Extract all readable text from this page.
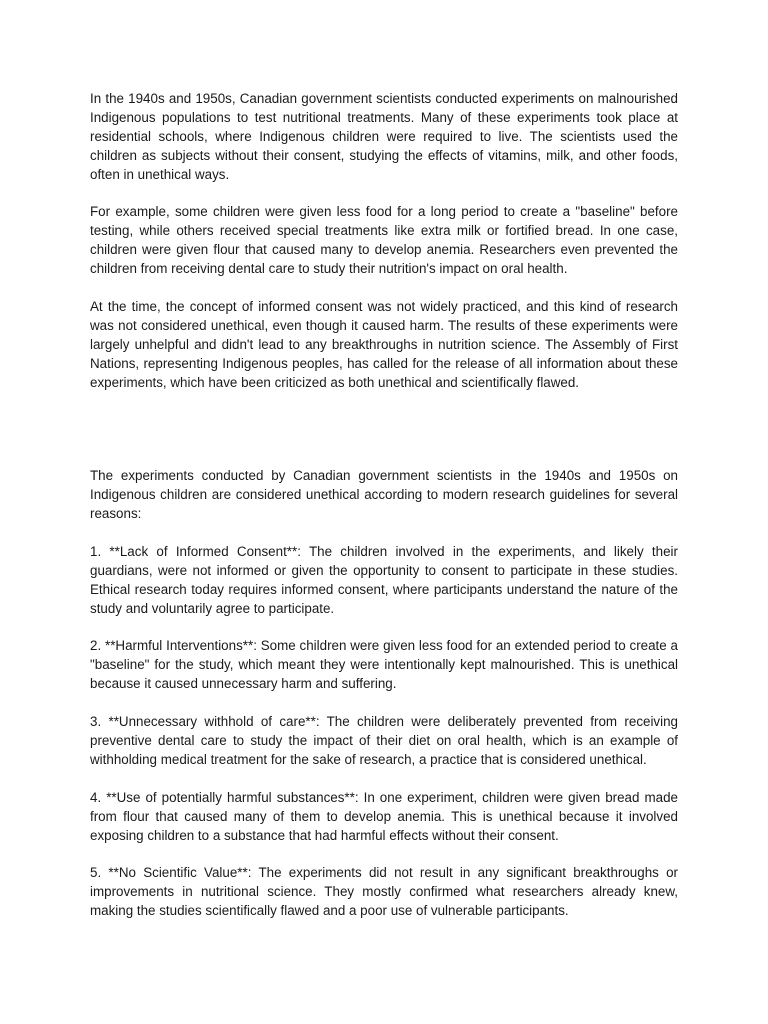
In the 1940s and 1950s, Canadian government scientists conducted experiments on malnourished Indigenous populations to test nutritional treatments. Many of these experiments took place at residential schools, where Indigenous children were required to live. The scientists used the children as subjects without their consent, studying the effects of vitamins, milk, and other foods, often in unethical ways.

For example, some children were given less food for a long period to create a "baseline" before testing, while others received special treatments like extra milk or fortified bread. In one case, children were given flour that caused many to develop anemia. Researchers even prevented the children from receiving dental care to study their nutrition's impact on oral health.

At the time, the concept of informed consent was not widely practiced, and this kind of research was not considered unethical, even though it caused harm. The results of these experiments were largely unhelpful and didn't lead to any breakthroughs in nutrition science. The Assembly of First Nations, representing Indigenous peoples, has called for the release of all information about these experiments, which have been criticized as both unethical and scientifically flawed.

The experiments conducted by Canadian government scientists in the 1940s and 1950s on Indigenous children are considered unethical according to modern research guidelines for several reasons:

1. **Lack of Informed Consent**: The children involved in the experiments, and likely their guardians, were not informed or given the opportunity to consent to participate in these studies. Ethical research today requires informed consent, where participants understand the nature of the study and voluntarily agree to participate.

2. **Harmful Interventions**: Some children were given less food for an extended period to create a "baseline" for the study, which meant they were intentionally kept malnourished. This is unethical because it caused unnecessary harm and suffering.

3. **Unnecessary withhold of care**: The children were deliberately prevented from receiving preventive dental care to study the impact of their diet on oral health, which is an example of withholding medical treatment for the sake of research, a practice that is considered unethical.

4. **Use of potentially harmful substances**: In one experiment, children were given bread made from flour that caused many of them to develop anemia. This is unethical because it involved exposing children to a substance that had harmful effects without their consent.

5. **No Scientific Value**: The experiments did not result in any significant breakthroughs or improvements in nutritional science. They mostly confirmed what researchers already knew, making the studies scientifically flawed and a poor use of vulnerable participants.
